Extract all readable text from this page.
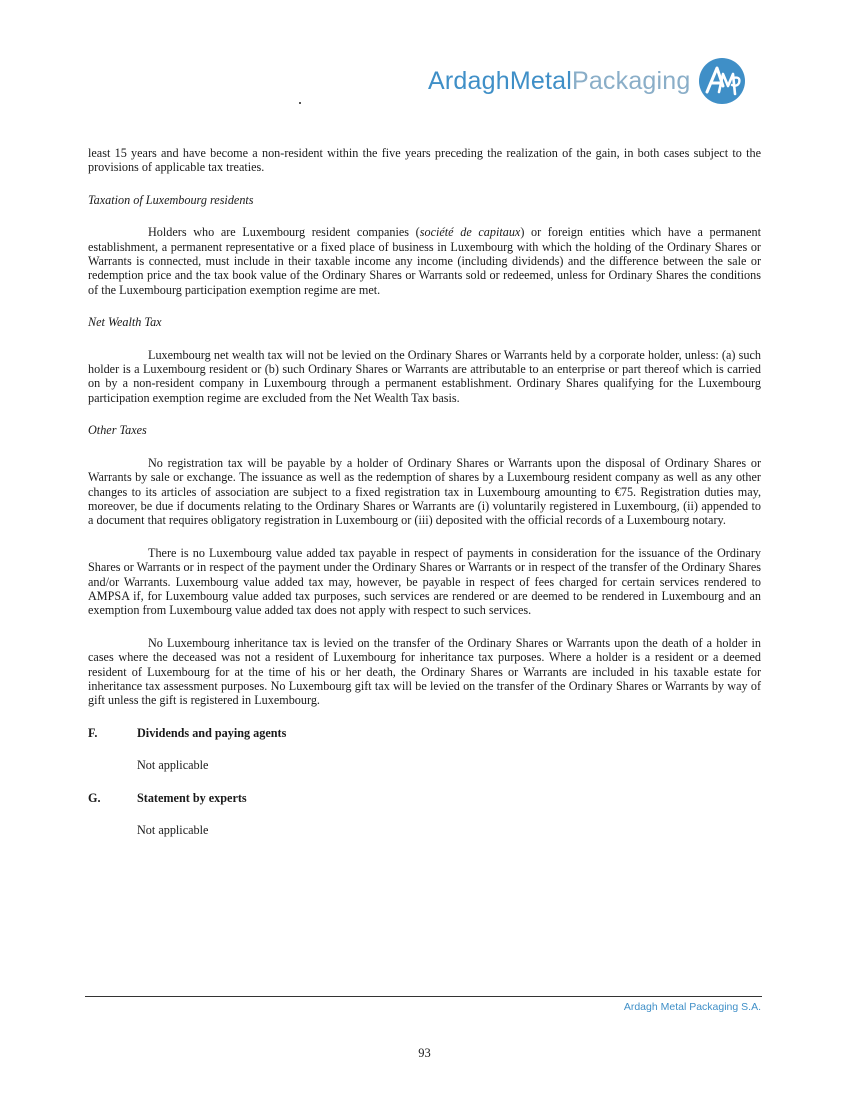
ArdaghMetalPackaging

least 15 years and have become a non-resident within the five years preceding the realization of the gain, in both cases subject to the provisions of applicable tax treaties.

Taxation of Luxembourg residents

Holders who are Luxembourg resident companies (société de capitaux) or foreign entities which have a permanent establishment, a permanent representative or a fixed place of business in Luxembourg with which the holding of the Ordinary Shares or Warrants is connected, must include in their taxable income any income (including dividends) and the difference between the sale or redemption price and the tax book value of the Ordinary Shares or Warrants sold or redeemed, unless for Ordinary Shares the conditions of the Luxembourg participation exemption regime are met.

Net Wealth Tax

Luxembourg net wealth tax will not be levied on the Ordinary Shares or Warrants held by a corporate holder, unless: (a) such holder is a Luxembourg resident or (b) such Ordinary Shares or Warrants are attributable to an enterprise or part thereof which is carried on by a non-resident company in Luxembourg through a permanent establishment. Ordinary Shares qualifying for the Luxembourg participation exemption regime are excluded from the Net Wealth Tax basis.

Other Taxes

No registration tax will be payable by a holder of Ordinary Shares or Warrants upon the disposal of Ordinary Shares or Warrants by sale or exchange. The issuance as well as the redemption of shares by a Luxembourg resident company as well as any other changes to its articles of association are subject to a fixed registration tax in Luxembourg amounting to €75. Registration duties may, moreover, be due if documents relating to the Ordinary Shares or Warrants are (i) voluntarily registered in Luxembourg, (ii) appended to a document that requires obligatory registration in Luxembourg or (iii) deposited with the official records of a Luxembourg notary.

There is no Luxembourg value added tax payable in respect of payments in consideration for the issuance of the Ordinary Shares or Warrants or in respect of the payment under the Ordinary Shares or Warrants or in respect of the transfer of the Ordinary Shares and/or Warrants. Luxembourg value added tax may, however, be payable in respect of fees charged for certain services rendered to AMPSA if, for Luxembourg value added tax purposes, such services are rendered or are deemed to be rendered in Luxembourg and an exemption from Luxembourg value added tax does not apply with respect to such services.

No Luxembourg inheritance tax is levied on the transfer of the Ordinary Shares or Warrants upon the death of a holder in cases where the deceased was not a resident of Luxembourg for inheritance tax purposes. Where a holder is a resident or a deemed resident of Luxembourg for at the time of his or her death, the Ordinary Shares or Warrants are included in his taxable estate for inheritance tax assessment purposes. No Luxembourg gift tax will be levied on the transfer of the Ordinary Shares or Warrants by way of gift unless the gift is registered in Luxembourg.

F.	Dividends and paying agents
Not applicable
G.	Statement by experts
Not applicable
Ardagh Metal Packaging S.A.
93
